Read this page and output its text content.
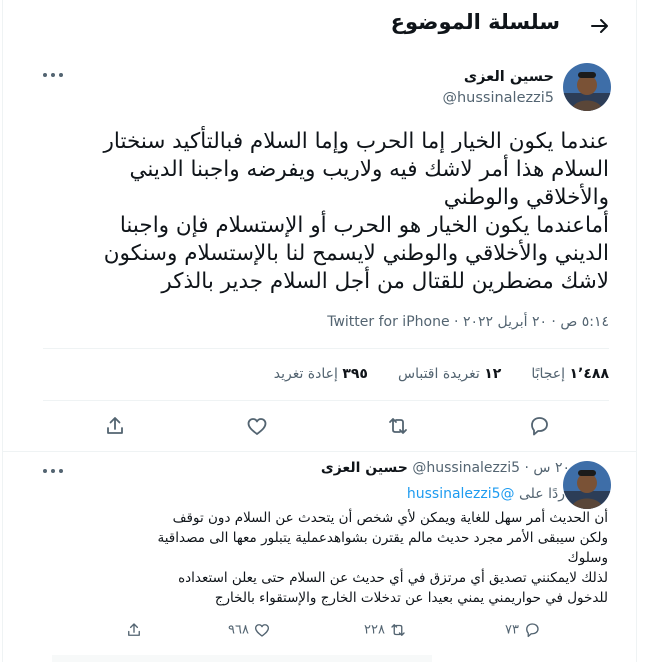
سلسلة الموضوع
حسين العزى
@hussinalezzi5
عندما يكون الخيار إما الحرب وإما السلام فبالتأكيد سنختار
السلام هذا أمر لاشك فيه ولاريب ويفرضه واجبنا الديني
والأخلاقي والوطني
أماعندما يكون الخيار هو الحرب أو الإستسلام فإن واجبنا
الديني والأخلاقي والوطني لايسمح لنا بالإستسلام وسنكون
لاشك مضطرين للقتال من أجل السلام جدير بالذكر
٥:١٤ ص · ٢٠ أبريل ٢٠٢٢ · Twitter for iPhone
٣٩٥ إعادة تغريد	١٢ تغريدة اقتباس	١٬٤٨٨ إعجابًا
حسين العزى @hussinalezzi5 · ٢٠ س
ردًا على @hussinalezzi5
أن الحديث أمر سهل للغاية ويمكن لأي شخص أن يتحدث عن السلام دون توقف
ولكن سيبقى الأمر مجرد حديث مالم يقترن بشواهدعملية يتبلور معها الى مصداقية
وسلوك
لذلك لايمكنني تصديق أي مرتزق في أي حديث عن السلام حتى يعلن استعداده
للدخول في حواريمني يمني بعيدا عن تدخلات الخارج والإستقواء بالخارج
٧٣
٢٢٨
٩٦٨
